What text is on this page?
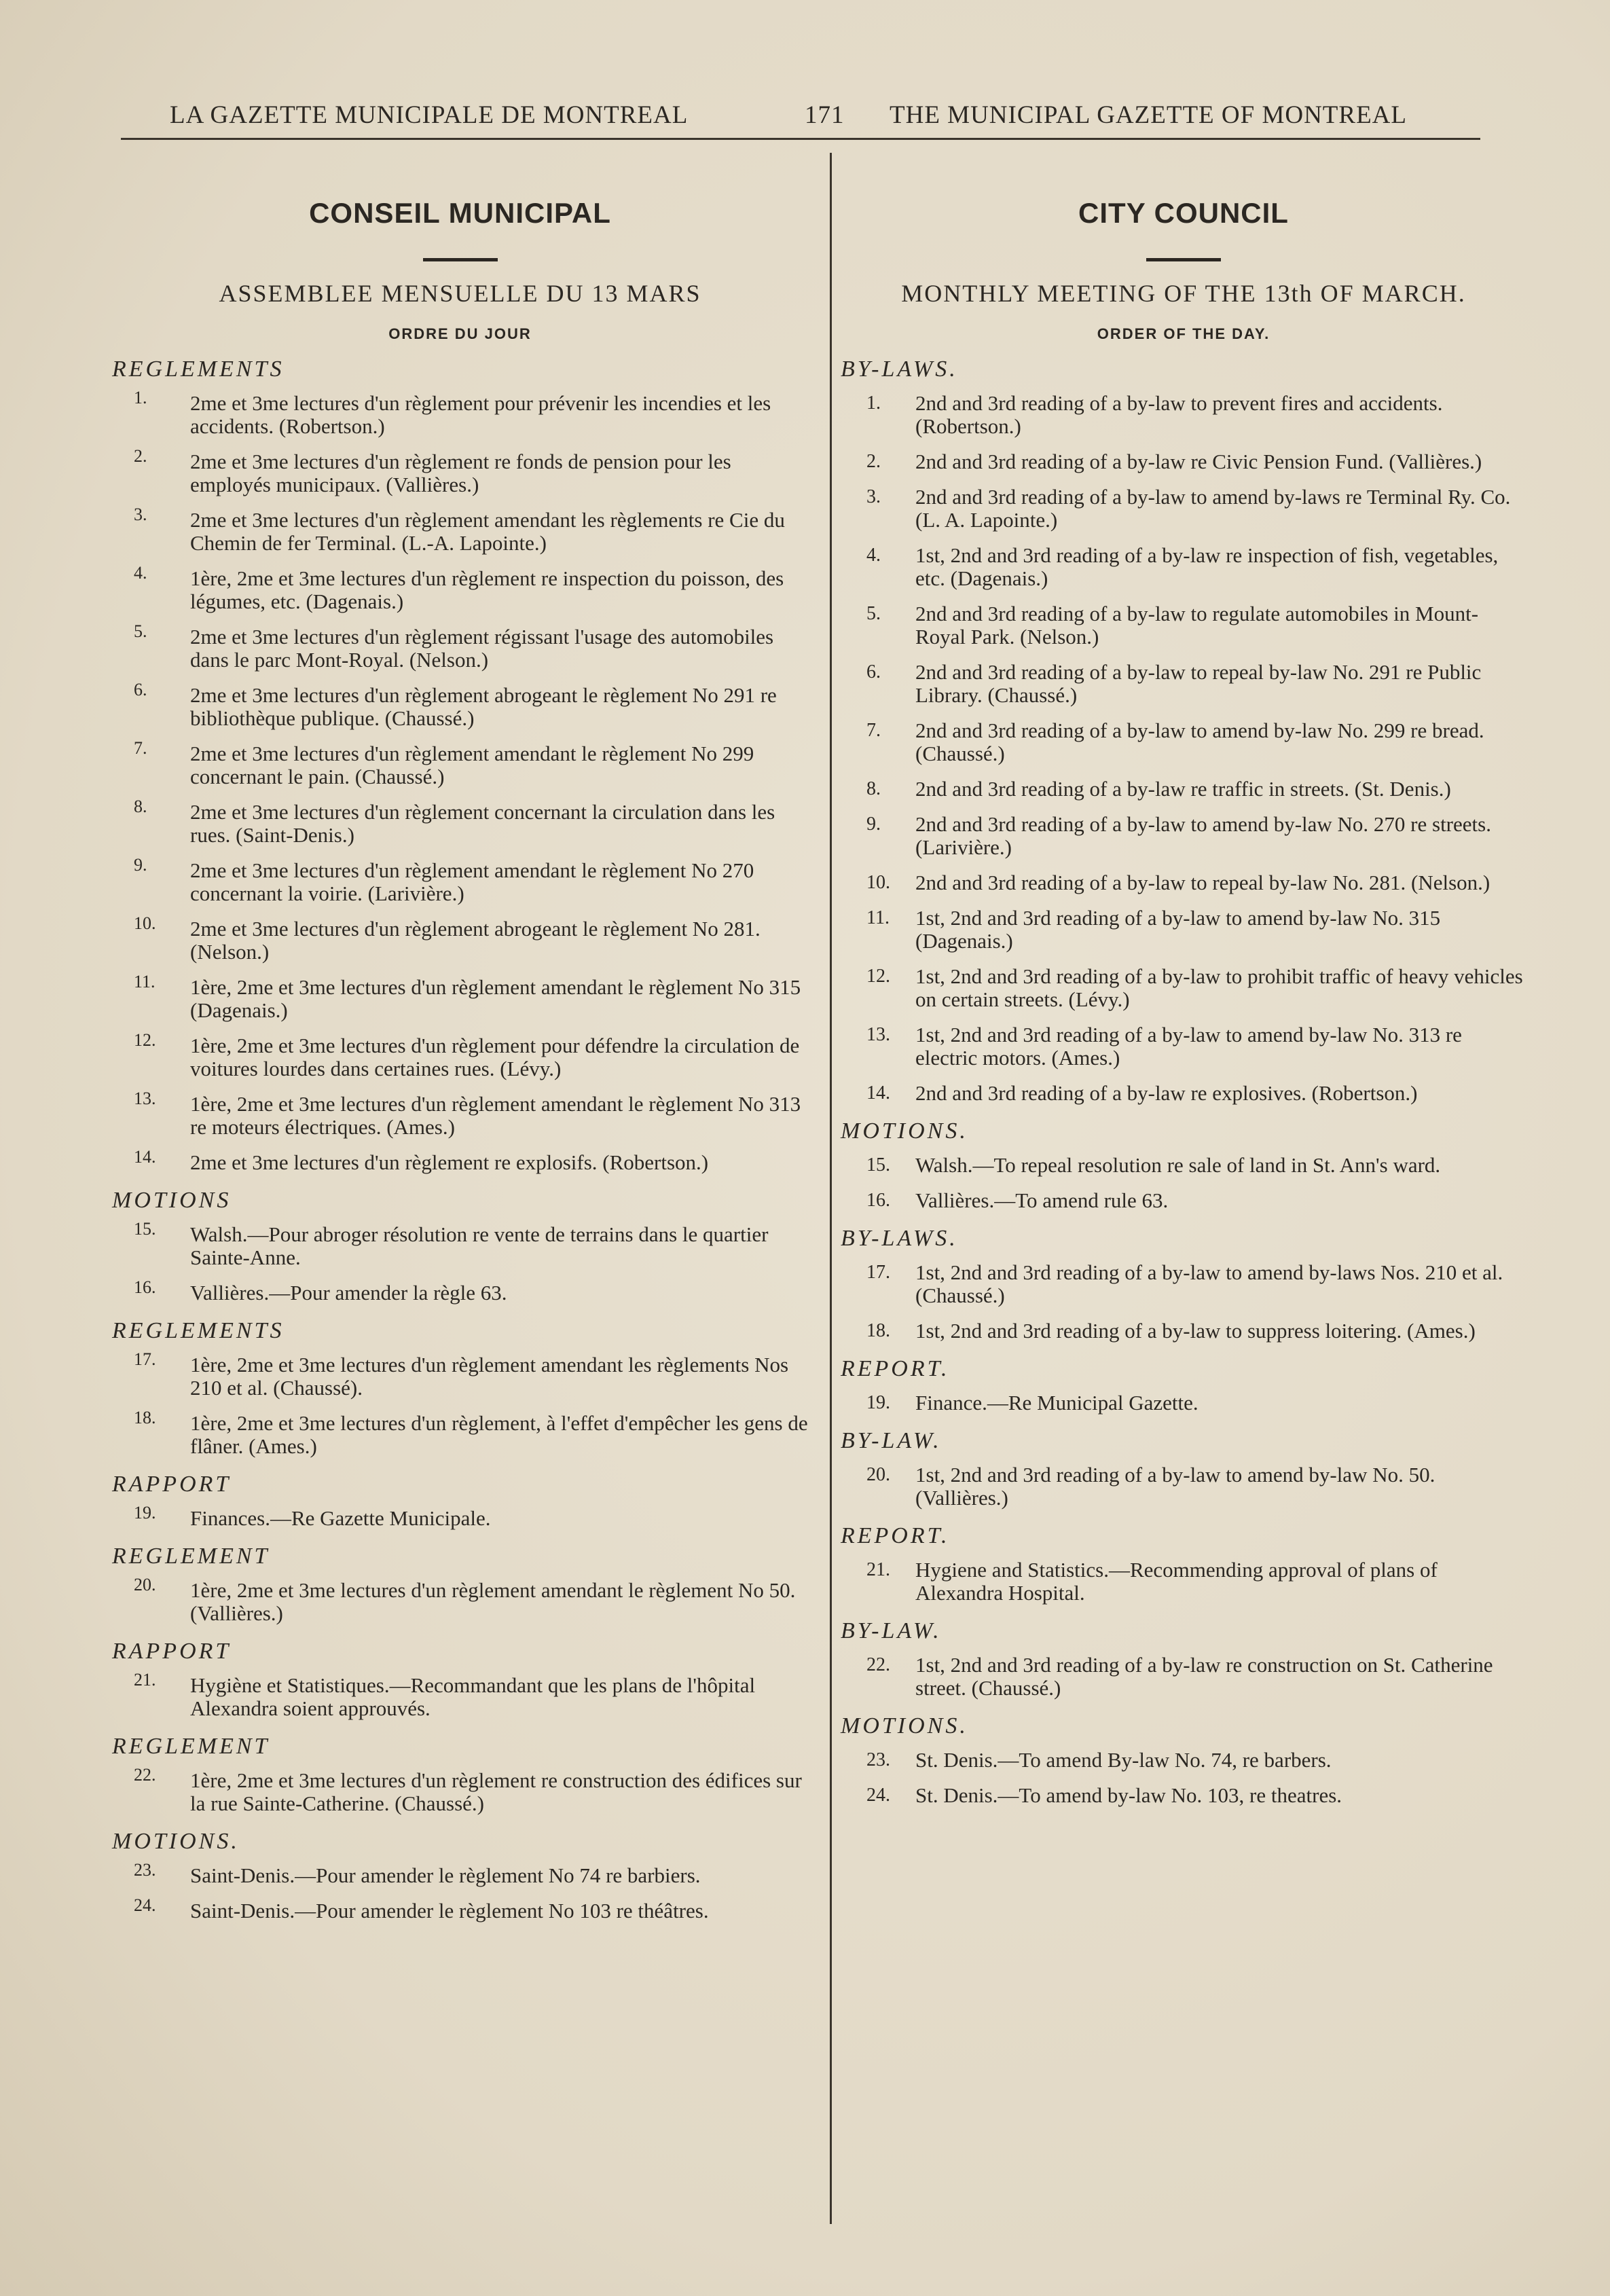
LA GAZETTE MUNICIPALE DE MONTREAL	171 THE MUNICIPAL GAZETTE OF MONTREAL
CONSEIL MUNICIPAL
ASSEMBLEE MENSUELLE DU 13 MARS
ORDRE DU JOUR
REGLEMENTS
1. 2me et 3me lectures d'un règlement pour prévenir les incendies et les accidents. (Robertson.)
2. 2me et 3me lectures d'un règlement re fonds de pension pour les employés municipaux. (Vallières.)
3. 2me et 3me lectures d'un règlement amendant les règlements re Cie du Chemin de fer Terminal. (L.-A. Lapointe.)
4. 1ère, 2me et 3me lectures d'un règlement re inspection du poisson, des légumes, etc. (Dagenais.)
5. 2me et 3me lectures d'un règlement régissant l'usage des automobiles dans le parc Mont-Royal. (Nelson.)
6. 2me et 3me lectures d'un règlement abrogeant le règlement No 291 re bibliothèque publique. (Chaussé.)
7. 2me et 3me lectures d'un règlement amendant le règlement No 299 concernant le pain. (Chaussé.)
8. 2me et 3me lectures d'un règlement concernant la circulation dans les rues. (Saint-Denis.)
9. 2me et 3me lectures d'un règlement amendant le règlement No 270 concernant la voirie. (Larivière.)
10. 2me et 3me lectures d'un règlement abrogeant le règlement No 281. (Nelson.)
11. 1ère, 2me et 3me lectures d'un règlement amendant le règlement No 315 (Dagenais.)
12. 1ère, 2me et 3me lectures d'un règlement pour défendre la circulation de voitures lourdes dans certaines rues. (Lévy.)
13. 1ère, 2me et 3me lectures d'un règlement amendant le règlement No 313 re moteurs électriques. (Ames.)
14. 2me et 3me lectures d'un règlement re explosifs. (Robertson.)
MOTIONS
15. Walsh.—Pour abroger résolution re vente de terrains dans le quartier Sainte-Anne.
16. Vallières.—Pour amender la règle 63.
REGLEMENTS
17. 1ère, 2me et 3me lectures d'un règlement amendant les règlements Nos 210 et al. (Chaussé).
18. 1ère, 2me et 3me lectures d'un règlement, à l'effet d'empêcher les gens de flâner. (Ames.)
RAPPORT
19. Finances.—Re Gazette Municipale.
REGLEMENT
20. 1ère, 2me et 3me lectures d'un règlement amendant le règlement No 50. (Vallières.)
RAPPORT
21. Hygiène et Statistiques.—Recommandant que les plans de l'hôpital Alexandra soient approuvés.
REGLEMENT
22. 1ère, 2me et 3me lectures d'un règlement re construction des édifices sur la rue Sainte-Catherine. (Chaussé.)
MOTIONS.
23. Saint-Denis.—Pour amender le règlement No 74 re barbiers.
24. Saint-Denis.—Pour amender le règlement No 103 re théâtres.
CITY COUNCIL
MONTHLY MEETING OF THE 13th OF MARCH.
ORDER OF THE DAY.
BY-LAWS.
1. 2nd and 3rd reading of a by-law to prevent fires and accidents. (Robertson.)
2. 2nd and 3rd reading of a by-law re Civic Pension Fund. (Vallières.)
3. 2nd and 3rd reading of a by-law to amend by-laws re Terminal Ry. Co. (L. A. Lapointe.)
4. 1st, 2nd and 3rd reading of a by-law re inspection of fish, vegetables, etc. (Dagenais.)
5. 2nd and 3rd reading of a by-law to regulate automobiles in Mount-Royal Park. (Nelson.)
6. 2nd and 3rd reading of a by-law to repeal by-law No. 291 re Public Library. (Chaussé.)
7. 2nd and 3rd reading of a by-law to amend by-law No. 299 re bread. (Chaussé.)
8. 2nd and 3rd reading of a by-law re traffic in streets. (St. Denis.)
9. 2nd and 3rd reading of a by-law to amend by-law No. 270 re streets. (Larivière.)
10. 2nd and 3rd reading of a by-law to repeal by-law No. 281. (Nelson.)
11. 1st, 2nd and 3rd reading of a by-law to amend by-law No. 315 (Dagenais.)
12. 1st, 2nd and 3rd reading of a by-law to prohibit traffic of heavy vehicles on certain streets. (Lévy.)
13. 1st, 2nd and 3rd reading of a by-law to amend by-law No. 313 re electric motors. (Ames.)
14. 2nd and 3rd reading of a by-law re explosives. (Robertson.)
MOTIONS.
15. Walsh.—To repeal resolution re sale of land in St. Ann's ward.
16. Vallières.—To amend rule 63.
BY-LAWS.
17. 1st, 2nd and 3rd reading of a by-law to amend by-laws Nos. 210 et al. (Chaussé.)
18. 1st, 2nd and 3rd reading of a by-law to suppress loitering. (Ames.)
REPORT.
19. Finance.—Re Municipal Gazette.
BY-LAW.
20. 1st, 2nd and 3rd reading of a by-law to amend by-law No. 50. (Vallières.)
REPORT.
21. Hygiene and Statistics.—Recommending approval of plans of Alexandra Hospital.
BY-LAW.
22. 1st, 2nd and 3rd reading of a by-law re construction on St. Catherine street. (Chaussé.)
MOTIONS.
23. St. Denis.—To amend By-law No. 74, re barbers.
24. St. Denis.—To amend by-law No. 103, re theatres.
